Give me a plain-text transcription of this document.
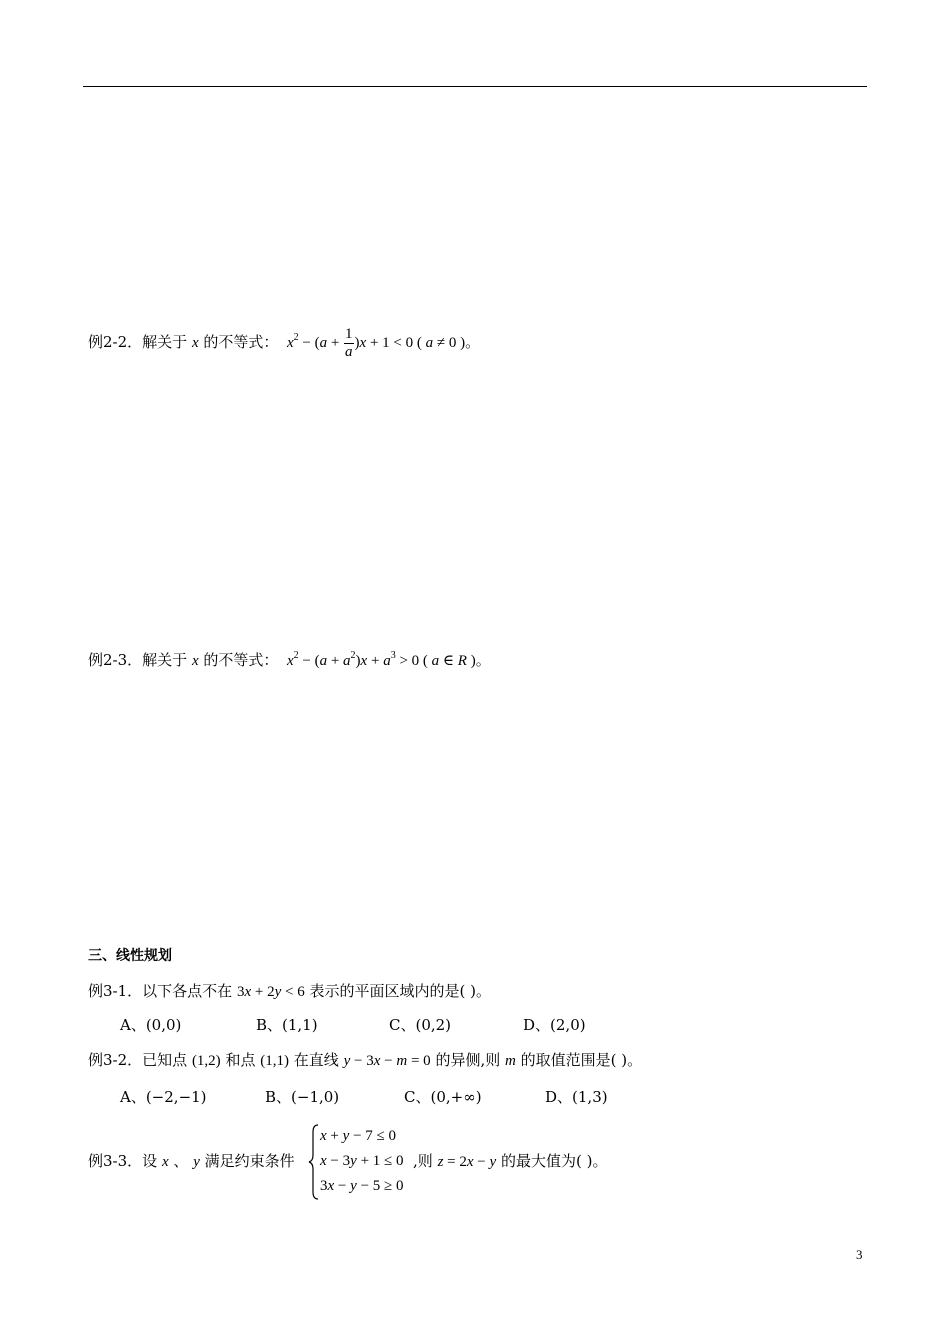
例2-2．解关于 x 的不等式： $x^2 - (a + \frac{1}{a} )x + 1 < 0$ ( a ≠ 0 )。
例2-3．解关于 x 的不等式： $x^2 - (a + a^2)x + a^3 > 0$ ( a ∈ R )。
三、线性规划
例3-1．以下各点不在 3x + 2y < 6 表示的平面区域内的是( )。
A、(0,0)	B、(1,1)	C、(0,2)	D、(2,0)
例3-2．已知点 (1,2) 和点 (1,1) 在直线 y − 3x − m = 0 的异侧,则 m 的取值范围是( )。
A、(−2,−1)	B、(−1,0)	C、(0,+∞)	D、(1,3)
例3-3．设 x 、 y 满足约束条件
x + y − 7 ≤ 0
x − 3y + 1 ≤ 0
3x − y − 5 ≥ 0
,则 z = 2x − y 的最大值为( )。
3
